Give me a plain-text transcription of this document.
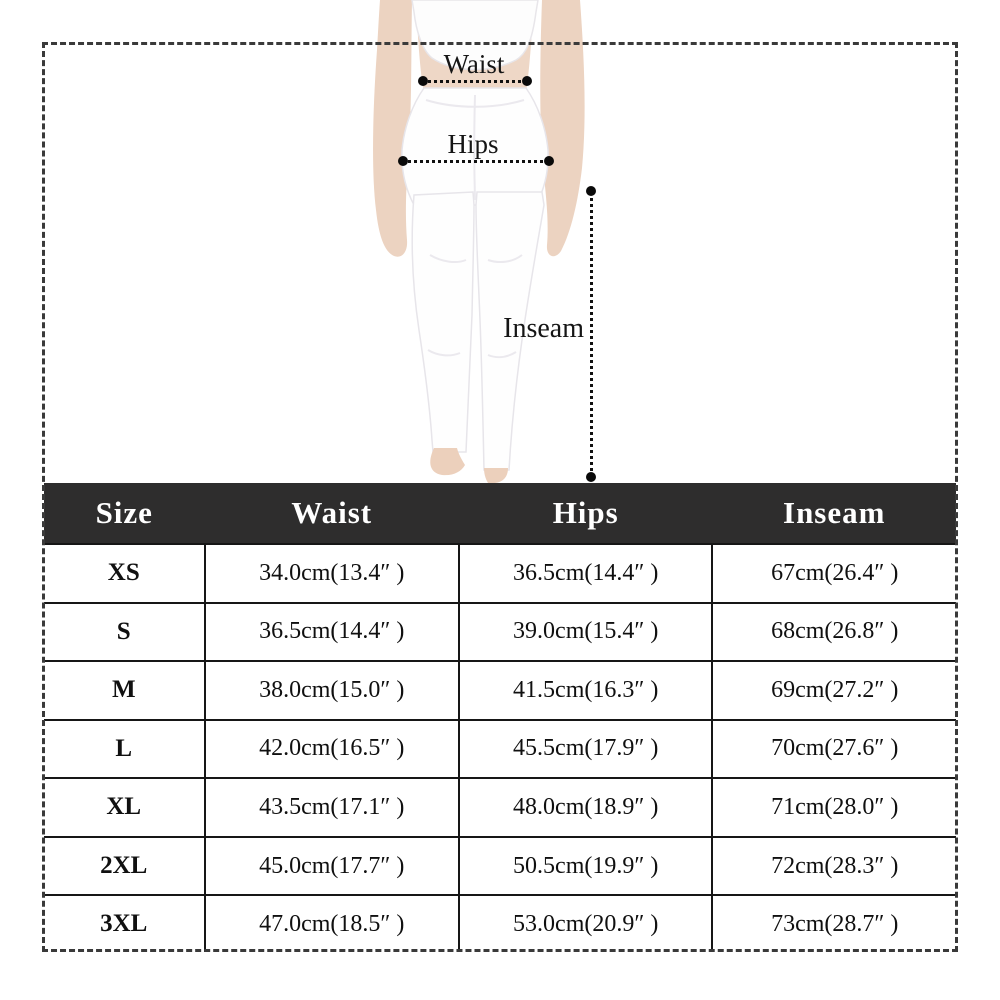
Waist
Hips
Inseam
Size	Waist	Hips	Inseam
XS	34.0cm(13.4″ )	36.5cm(14.4″ )	67cm(26.4″ )
S	36.5cm(14.4″ )	39.0cm(15.4″ )	68cm(26.8″ )
M	38.0cm(15.0″ )	41.5cm(16.3″ )	69cm(27.2″ )
L	42.0cm(16.5″ )	45.5cm(17.9″ )	70cm(27.6″ )
XL	43.5cm(17.1″ )	48.0cm(18.9″ )	71cm(28.0″ )
2XL	45.0cm(17.7″ )	50.5cm(19.9″ )	72cm(28.3″ )
3XL	47.0cm(18.5″ )	53.0cm(20.9″ )	73cm(28.7″ )
